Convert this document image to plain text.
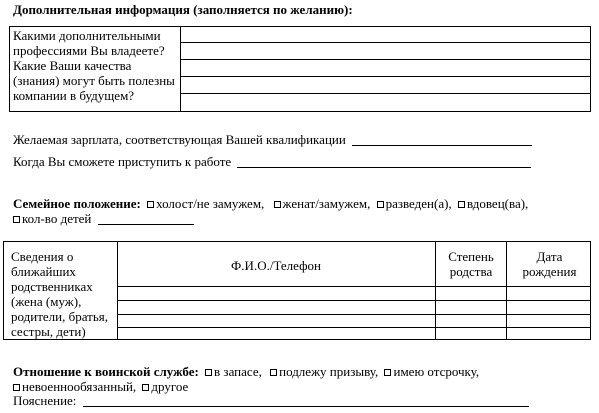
Дополнительная информация (заполняется по желанию):
Какими дополнительными профессиями Вы владеете? Какие Ваши качества (знания) могут быть полезны компании в будущем?
Желаемая зарплата, соответствующая Вашей квалификации
Когда Вы сможете приступить к работе
Семейное положение: холост/не замужем, женат/замужем, разведен(а), вдовец(ва),
кол-во детей
Сведения о ближайших родственниках (жена (муж), родители, братья, сестры, дети)
Ф.И.О./Телефон
Степень родства
Дата рождения
Отношение к воинской службе: в запасе, подлежу призыву, имею отсрочку,
невоеннообязанный, другое
Пояснение:
